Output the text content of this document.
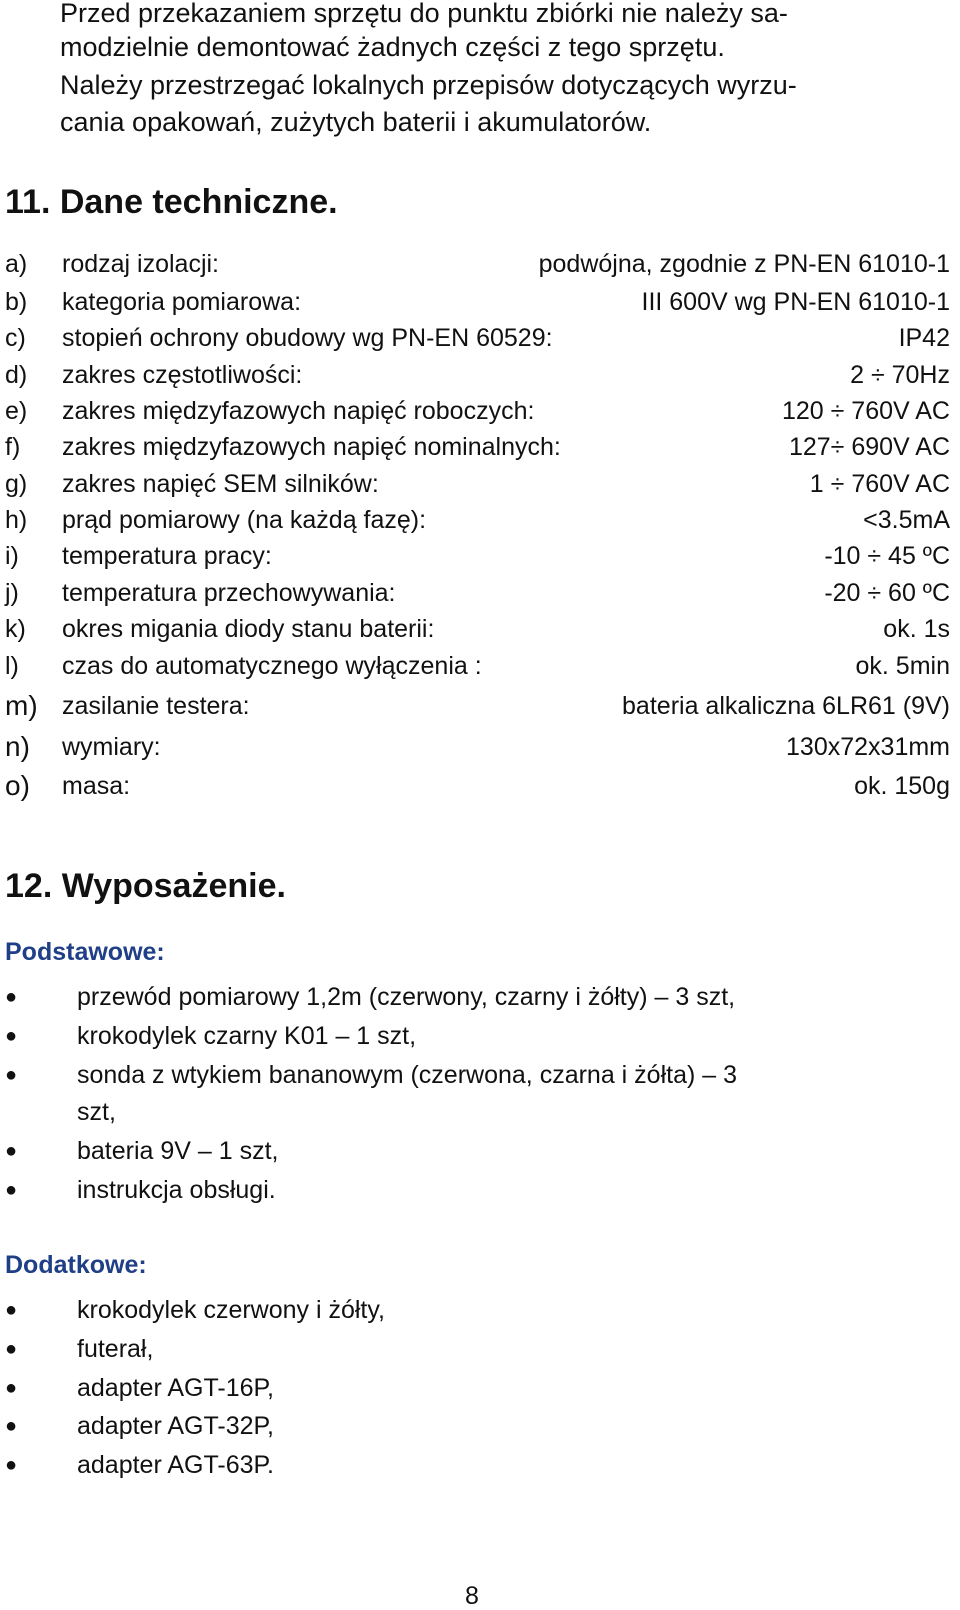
Przed przekazaniem sprzętu do punktu zbiórki nie należy sa-
modzielnie demontować żadnych części z tego sprzętu.
Należy przestrzegać lokalnych przepisów dotyczących wyrzu-
cania opakowań, zużytych baterii i akumulatorów.
11. Dane techniczne.
a) rodzaj izolacji:	podwójna, zgodnie z PN-EN 61010-1
b) kategoria pomiarowa:	III 600V wg PN-EN 61010-1
c) stopień ochrony obudowy wg PN-EN 60529:	IP42
d) zakres częstotliwości:	2 ÷ 70Hz
e) zakres międzyfazowych napięć roboczych:	120 ÷ 760V AC
f) zakres międzyfazowych napięć nominalnych:	127÷ 690V AC
g) zakres napięć SEM silników:	1 ÷ 760V AC
h) prąd pomiarowy (na każdą fazę):	<3.5mA
i) temperatura pracy:	-10 ÷ 45 ºC
j) temperatura przechowywania:	-20 ÷ 60 ºC
k) okres migania diody stanu baterii:	ok. 1s
l) czas do automatycznego wyłączenia :	ok. 5min
m) zasilanie testera:	bateria alkaliczna 6LR61 (9V)
n) wymiary:	130x72x31mm
o) masa:	ok. 150g
12. Wyposażenie.
Podstawowe:
● przewód pomiarowy 1,2m (czerwony, czarny i żółty) – 3 szt,
● krokodylek czarny K01 – 1 szt,
● sonda z wtykiem bananowym (czerwona, czarna i żółta) – 3
szt,
● bateria 9V – 1 szt,
● instrukcja obsługi.
Dodatkowe:
● krokodylek czerwony i żółty,
● futerał,
● adapter AGT-16P,
● adapter AGT-32P,
● adapter AGT-63P.
8
